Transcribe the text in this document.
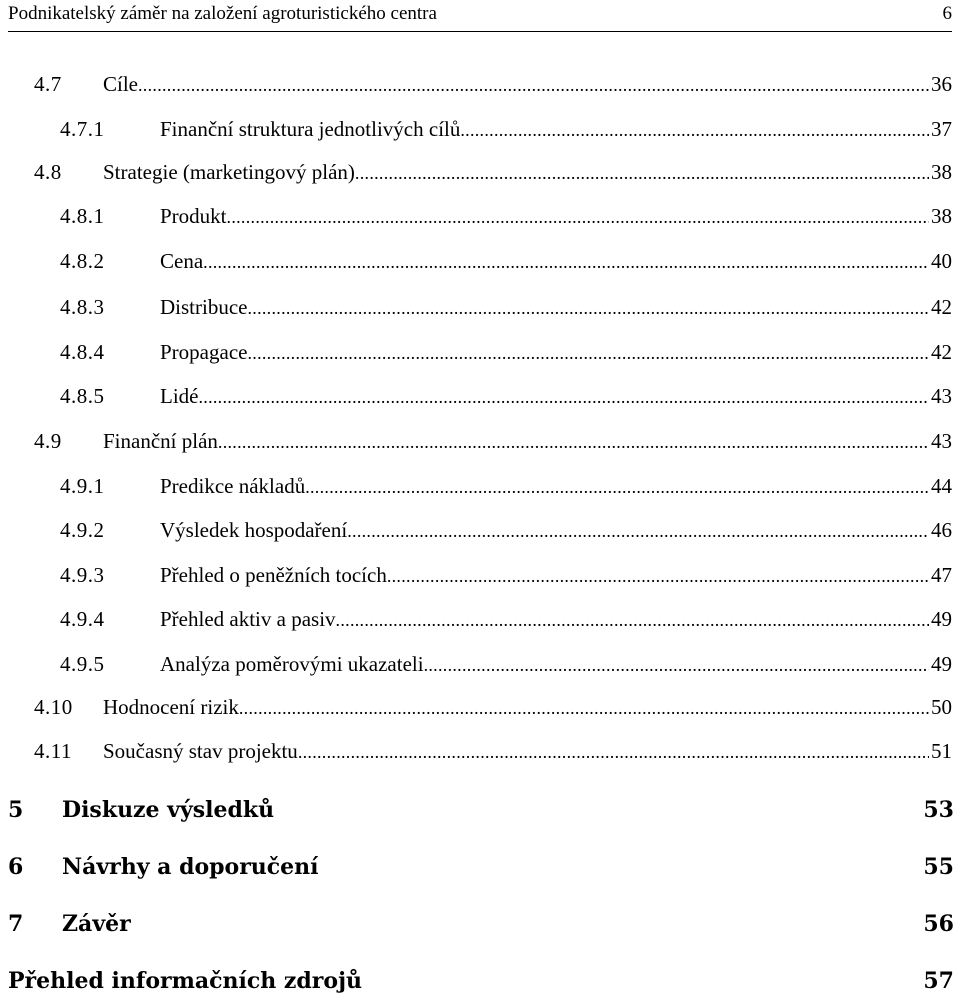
Podnikatelský záměr na založení agroturistického centra	6
4.7 Cíle .....	36
4.7.1	Finanční struktura jednotlivých cílů .....	37
4.8 Strategie (marketingový plán) .....	38
4.8.1	Produkt .....	38
4.8.2	Cena .....	40
4.8.3	Distribuce .....	42
4.8.4	Propagace .....	42
4.8.5	Lidé .....	43
4.9 Finanční plán .....	43
4.9.1	Predikce nákladů .....	44
4.9.2	Výsledek hospodaření .....	46
4.9.3	Přehled o peněžních tocích .....	47
4.9.4	Přehled aktiv a pasiv .....	49
4.9.5	Analýza poměrovými ukazateli .....	49
4.10 Hodnocení rizik .....	50
4.11 Současný stav projektu .....	51
5 Diskuze výsledků	53
6 Návrhy a doporučení	55
7 Závěr	56
Přehled informačních zdrojů	57
